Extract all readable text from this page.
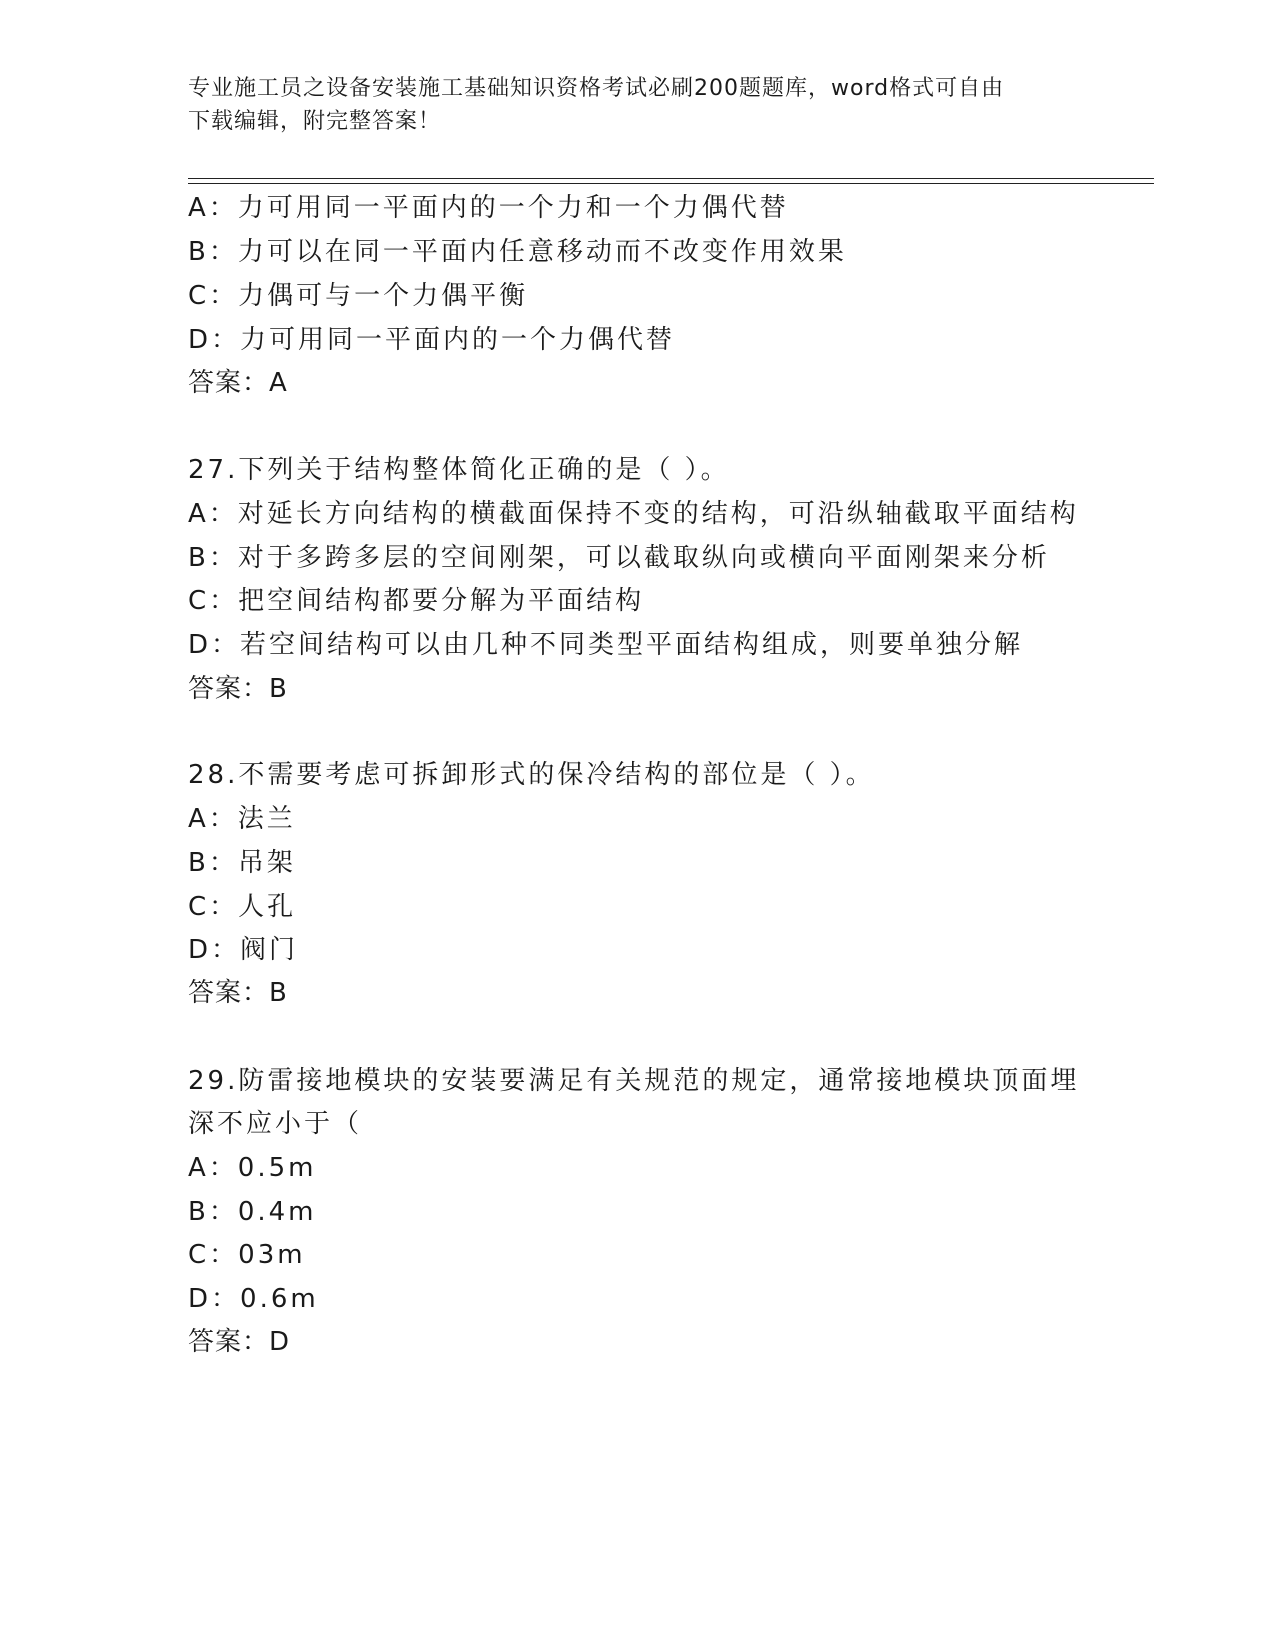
专业施工员之设备安装施工基础知识资格考试必刷200题题库，word格式可自由
下载编辑，附完整答案！
A：力可用同一平面内的一个力和一个力偶代替
B：力可以在同一平面内任意移动而不改变作用效果
C：力偶可与一个力偶平衡
D：力可用同一平面内的一个力偶代替
答案：A
27.下列关于结构整体简化正确的是（ ）。
A：对延长方向结构的横截面保持不变的结构，可沿纵轴截取平面结构
B：对于多跨多层的空间刚架，可以截取纵向或横向平面刚架来分析
C：把空间结构都要分解为平面结构
D：若空间结构可以由几种不同类型平面结构组成，则要单独分解
答案：B
28.不需要考虑可拆卸形式的保冷结构的部位是（ ）。
A：法兰
B：吊架
C：人孔
D：阀门
答案：B
29.防雷接地模块的安装要满足有关规范的规定，通常接地模块顶面埋
深不应小于（
A：0.5m
B：0.4m
C：03m
D：0.6m
答案：D
